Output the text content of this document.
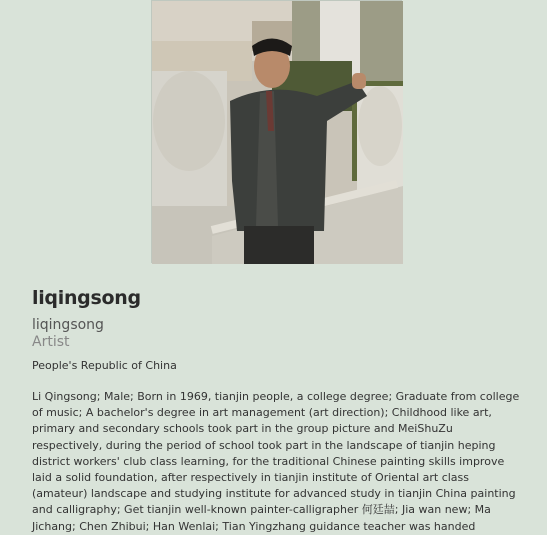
liqingsong
liqingsong
Artist
People's Republic of China
Li Qingsong; Male; Born in 1969, tianjin people, a college degree; Graduate from college of music; A bachelor's degree in art management (art direction); Childhood like art, primary and secondary schools took part in the group picture and MeiShuZu respectively, during the period of school took part in the landscape of tianjin heping district workers' club class learning, for the traditional Chinese painting skills improve laid a solid foundation, after respectively in tianjin institute of Oriental art class (amateur) landscape and studying institute for advanced study in tianjin China painting and calligraphy; Get tianjin well-known painter-calligrapher 何廷喆; Jia wan new; Ma Jichang; Chen Zhibui; Han Wenlai; Tian Yingzhang guidance teacher was handed
